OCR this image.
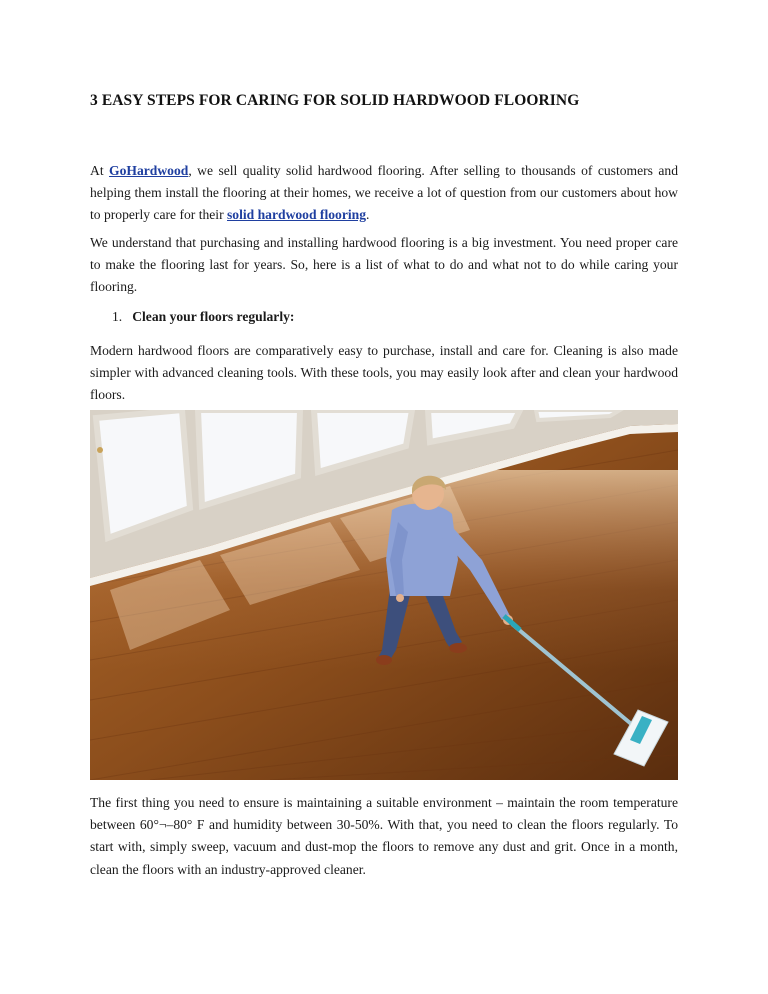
3 EASY STEPS FOR CARING FOR SOLID HARDWOOD FLOORING

At GoHardwood, we sell quality solid hardwood flooring. After selling to thousands of customers and helping them install the flooring at their homes, we receive a lot of question from our customers about how to properly care for their solid hardwood flooring.

We understand that purchasing and installing hardwood flooring is a big investment. You need proper care to make the flooring last for years. So, here is a list of what to do and what not to do while caring your flooring.

1. Clean your floors regularly:

Modern hardwood floors are comparatively easy to purchase, install and care for. Cleaning is also made simpler with advanced cleaning tools. With these tools, you may easily look after and clean your hardwood floors.

The first thing you need to ensure is maintaining a suitable environment – maintain the room temperature between 60°¬–80° F and humidity between 30-50%. With that, you need to clean the floors regularly. To start with, simply sweep, vacuum and dust-mop the floors to remove any dust and grit. Once in a month, clean the floors with an industry-approved cleaner.
